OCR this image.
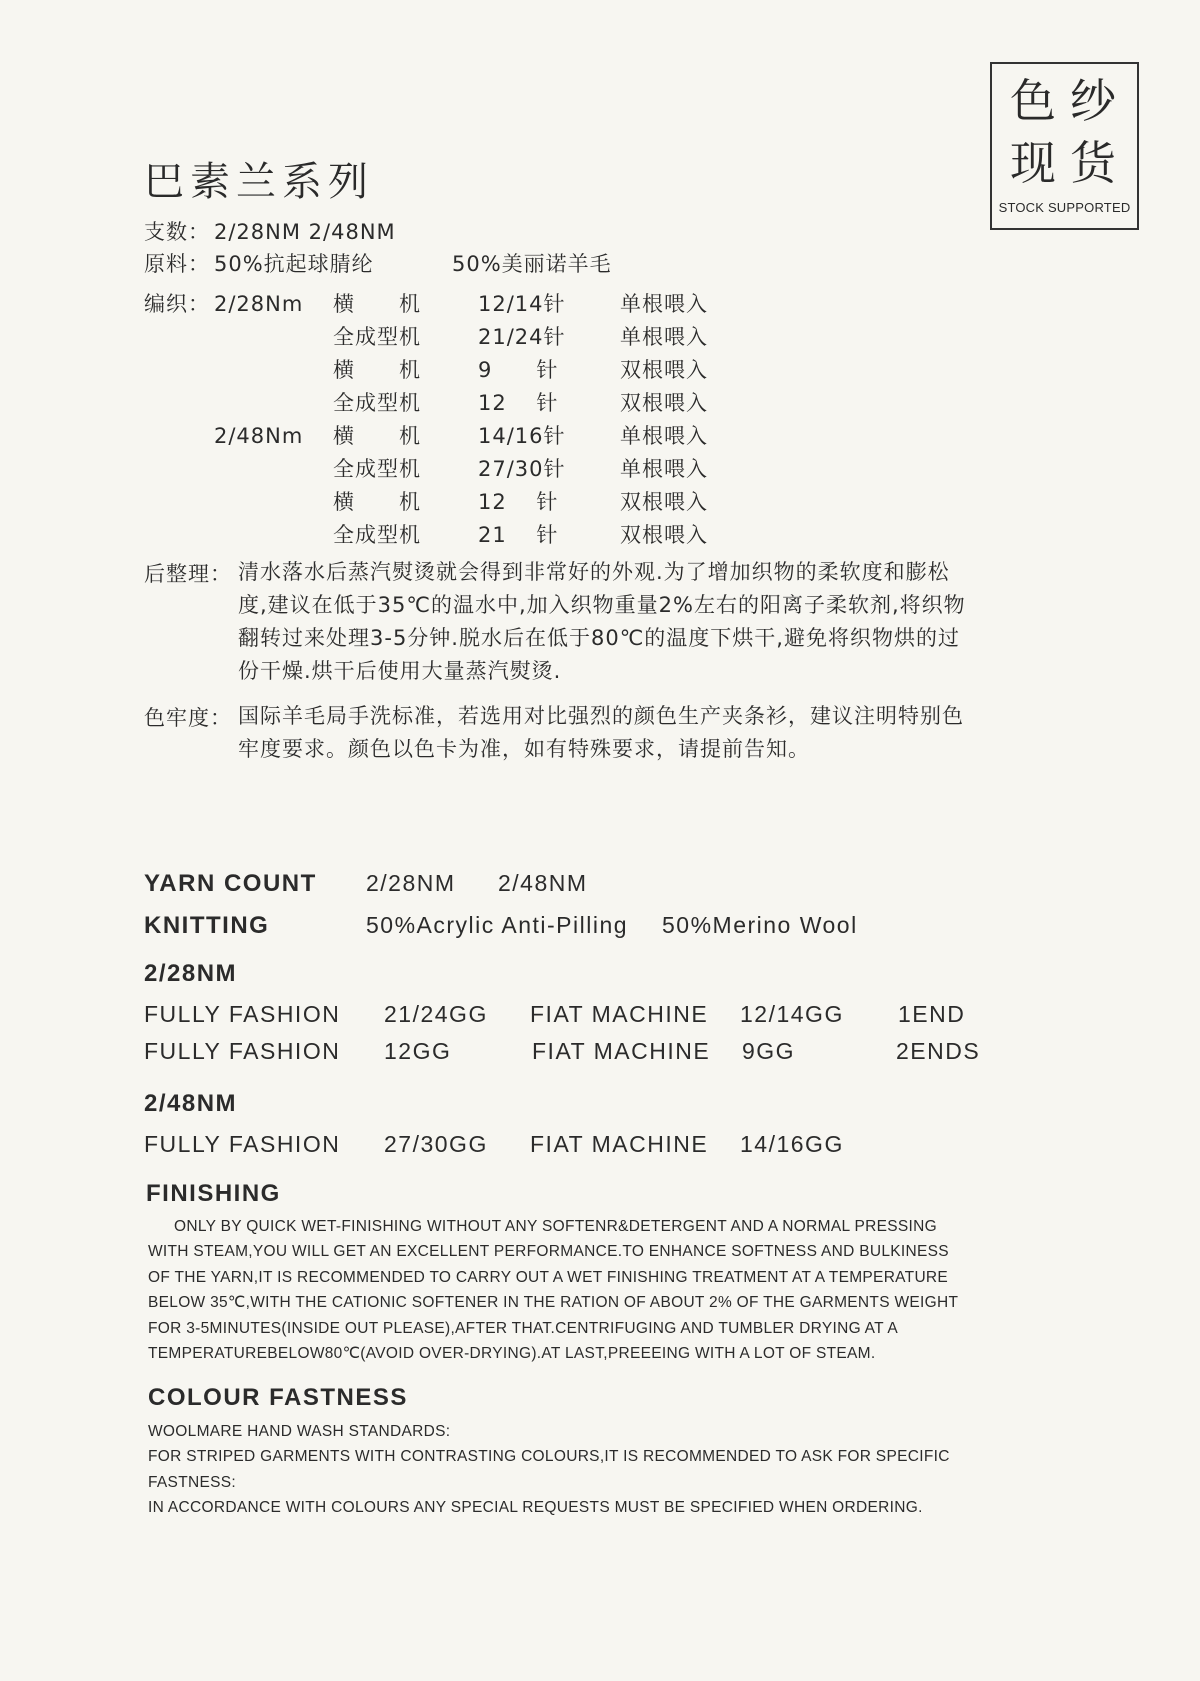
色 纱
现 货
STOCK SUPPORTED
巴素兰系列
支数： 2/28NM 2/48NM
原料： 50%抗起球腈纶	50%美丽诺羊毛
编织： 2/28Nm 横　　机	12/14针	单根喂入
全成型机	21/24针	单根喂入
横　　机	9　　针	双根喂入
全成型机	12　 针	双根喂入
2/48Nm 横　　机	14/16针	单根喂入
全成型机	27/30针	单根喂入
横　　机	12　 针	双根喂入
全成型机	21　 针	双根喂入
后整理： 清水落水后蒸汽熨烫就会得到非常好的外观.为了增加织物的柔软度和膨松度,建议在低于35℃的温水中,加入织物重量2%左右的阳离子柔软剂,将织物翻转过来处理3-5分钟.脱水后在低于80℃的温度下烘干,避免将织物烘的过份干燥.烘干后使用大量蒸汽熨烫.
色牢度： 国际羊毛局手洗标准，若选用对比强烈的颜色生产夹条衫，建议注明特别色牢度要求。颜色以色卡为准，如有特殊要求，请提前告知。
YARN COUNT 2/28NM 2/48NM
KNITTING	50%Acrylic Anti-Pilling 50%Merino Wool
2/28NM
FULLY FASHION 21/24GG FIAT MACHINE 12/14GG 1END
FULLY FASHION 12GG	FIAT MACHINE 9GG	2ENDS
2/48NM
FULLY FASHION 27/30GG FIAT MACHINE 14/16GG
FINISHING
ONLY BY QUICK WET-FINISHING WITHOUT ANY SOFTENR&DETERGENT AND A NORMAL PRESSING
WITH STEAM,YOU WILL GET AN EXCELLENT PERFORMANCE.TO ENHANCE SOFTNESS AND BULKINESS
OF THE YARN,IT IS RECOMMENDED TO CARRY OUT A WET FINISHING TREATMENT AT A TEMPERATURE
BELOW 35℃,WITH THE CATIONIC SOFTENER IN THE RATION OF ABOUT 2% OF THE GARMENTS WEIGHT
FOR 3-5MINUTES(INSIDE OUT PLEASE),AFTER THAT.CENTRIFUGING AND TUMBLER DRYING AT A
TEMPERATUREBELOW80℃(AVOID OVER-DRYING).AT LAST,PREEEING WITH A LOT OF STEAM.
COLOUR FASTNESS
WOOLMARE HAND WASH STANDARDS:
FOR STRIPED GARMENTS WITH CONTRASTING COLOURS,IT IS RECOMMENDED TO ASK FOR SPECIFIC
FASTNESS:
IN ACCORDANCE WITH COLOURS ANY SPECIAL REQUESTS MUST BE SPECIFIED WHEN ORDERING.
